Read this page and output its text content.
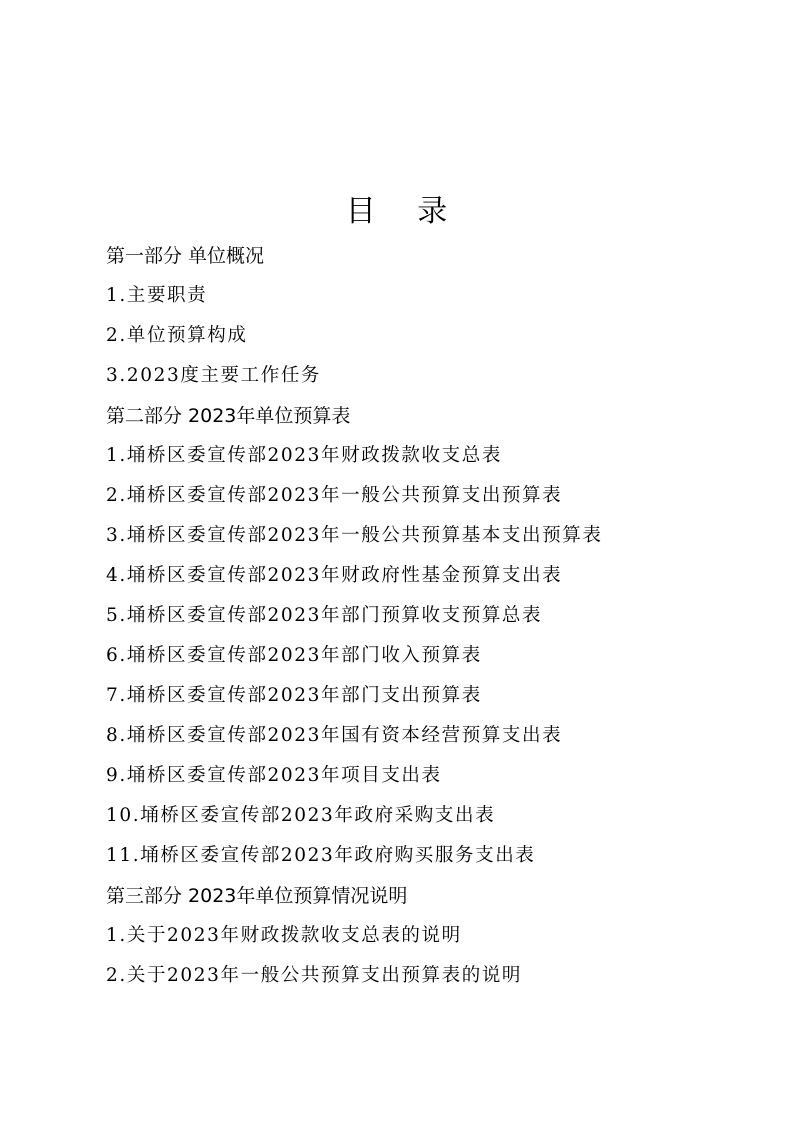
目 录
第一部分 单位概况
1.主要职责
2.单位预算构成
3.2023度主要工作任务
第二部分 2023年单位预算表
1.埇桥区委宣传部2023年财政拨款收支总表
2.埇桥区委宣传部2023年一般公共预算支出预算表
3.埇桥区委宣传部2023年一般公共预算基本支出预算表
4.埇桥区委宣传部2023年财政府性基金预算支出表
5.埇桥区委宣传部2023年部门预算收支预算总表
6.埇桥区委宣传部2023年部门收入预算表
7.埇桥区委宣传部2023年部门支出预算表
8.埇桥区委宣传部2023年国有资本经营预算支出表
9.埇桥区委宣传部2023年项目支出表
10.埇桥区委宣传部2023年政府采购支出表
11.埇桥区委宣传部2023年政府购买服务支出表
第三部分 2023年单位预算情况说明
1.关于2023年财政拨款收支总表的说明
2.关于2023年一般公共预算支出预算表的说明
